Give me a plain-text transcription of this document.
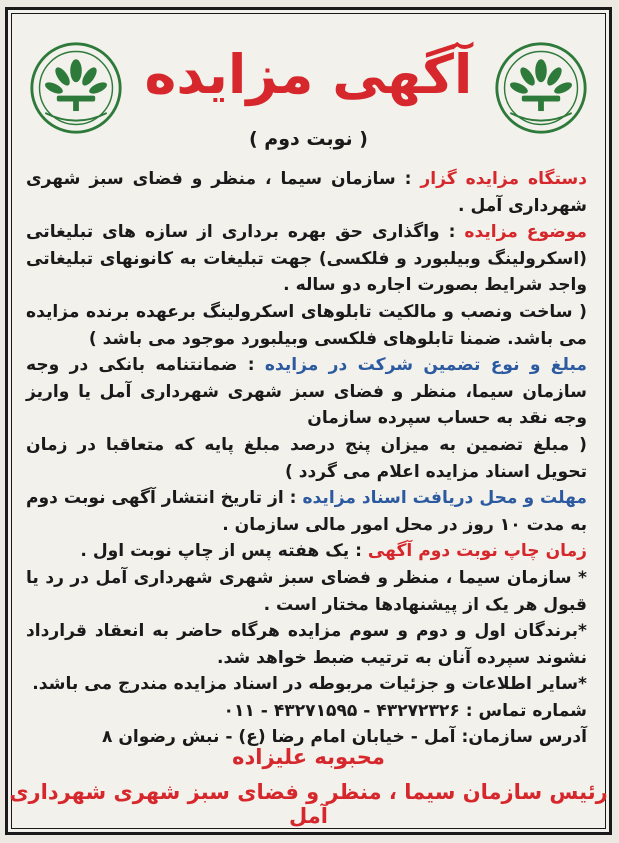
آگهی مزایده
( نوبت دوم )

دستگاه مزایده گزار : سازمان سیما ، منظر و فضای سبز شهری شهرداری آمل .

موضوع مزایده : واگذاری حق بهره برداری از سازه های تبلیغاتی (اسکرولینگ وبیلبورد و فلکسی) جهت تبلیغات به کانونهای تبلیغاتی واجد شرایط بصورت اجاره دو ساله .

( ساخت ونصب و مالکیت تابلوهای اسکرولینگ برعهده برنده مزایده می باشد. ضمنا تابلوهای فلکسی وبیلبورد موجود می باشد )

مبلغ و نوع تضمین شرکت در مزایده : ضمانتنامه بانکی در وجه سازمان سیما، منظر و فضای سبز شهری شهرداری آمل یا واریز وجه نقد به حساب سپرده سازمان

( مبلغ تضمین به میزان پنج درصد مبلغ پایه که متعاقبا در زمان تحویل اسناد مزایده اعلام می گردد )

مهلت و محل دریافت اسناد مزایده : از تاریخ انتشار آگهی نوبت دوم به مدت ۱۰ روز در محل امور مالی سازمان .

زمان چاپ نوبت دوم آگهی : یک هفته پس از چاپ نوبت اول .

* سازمان سیما ، منظر و فضای سبز شهری شهرداری آمل در رد یا قبول هر یک از پیشنهادها مختار است .

*برندگان اول و دوم و سوم مزایده هرگاه حاضر به انعقاد قرارداد نشوند سپرده آنان به ترتیب ضبط خواهد شد.

*سایر اطلاعات و جزئیات مربوطه در اسناد مزایده مندرج می باشد.

شماره تماس : ۴۳۲۷۲۳۲۶ - ۴۳۲۷۱۵۹۵ - ۰۱۱

آدرس سازمان: آمل - خیابان امام رضا (ع) - نبش رضوان ۸

محبوبه علیزاده
رئیس سازمان سیما ، منظر و فضای سبز شهری شهرداری آمل
